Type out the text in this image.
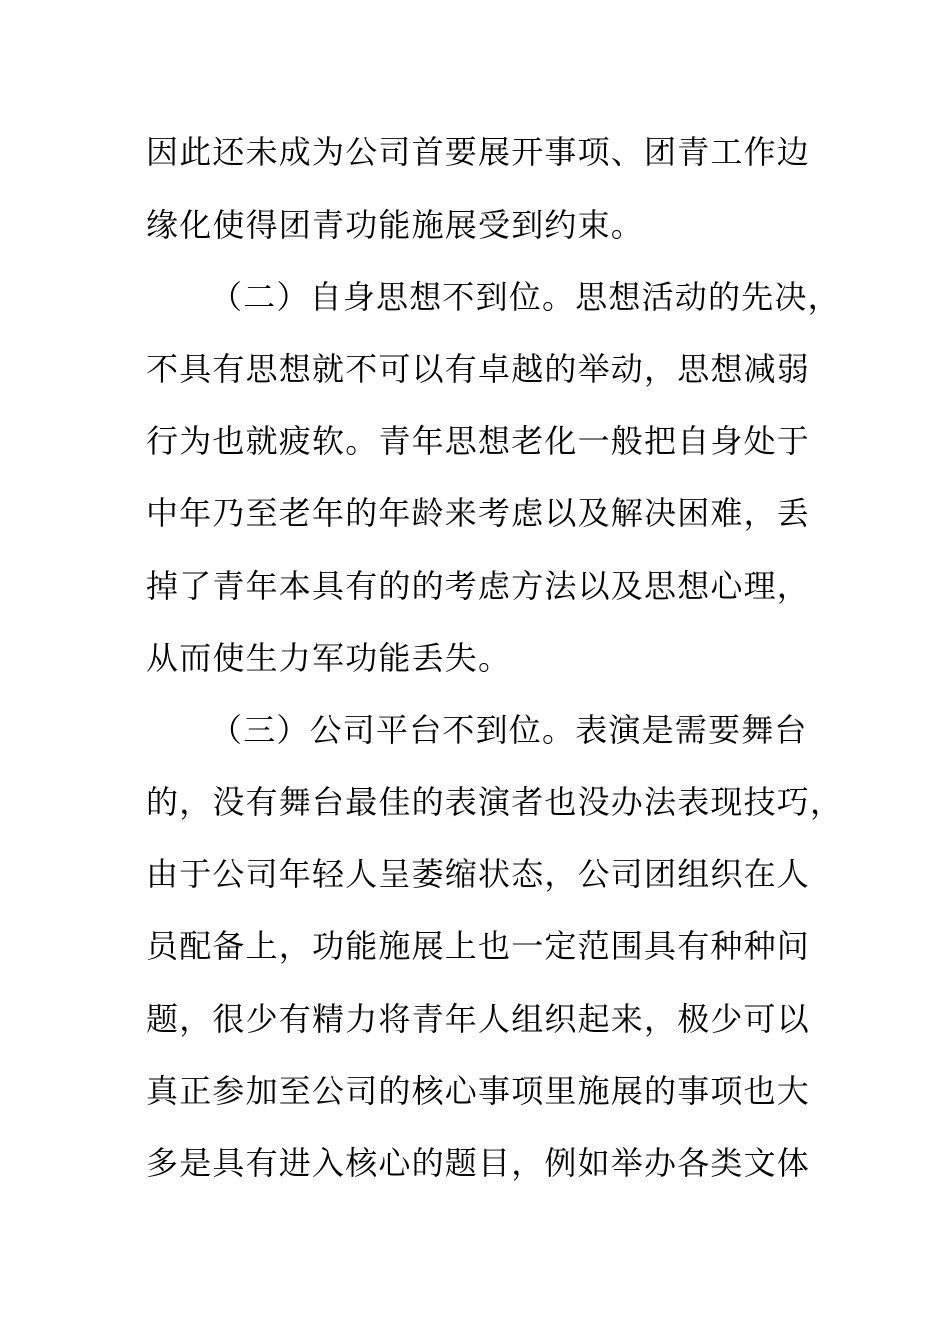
因此还未成为公司首要展开事项、团青工作边
缘化使得团青功能施展受到约束。
（二）自身思想不到位。思想活动的先决，
不具有思想就不可以有卓越的举动，思想减弱
行为也就疲软。青年思想老化一般把自身处于
中年乃至老年的年龄来考虑以及解决困难，丢
掉了青年本具有的的考虑方法以及思想心理，
从而使生力军功能丢失。
（三）公司平台不到位。表演是需要舞台
的，没有舞台最佳的表演者也没办法表现技巧，
由于公司年轻人呈萎缩状态，公司团组织在人
员配备上，功能施展上也一定范围具有种种问
题，很少有精力将青年人组织起来，极少可以
真正参加至公司的核心事项里施展的事项也大
多是具有进入核心的题目，例如举办各类文体
